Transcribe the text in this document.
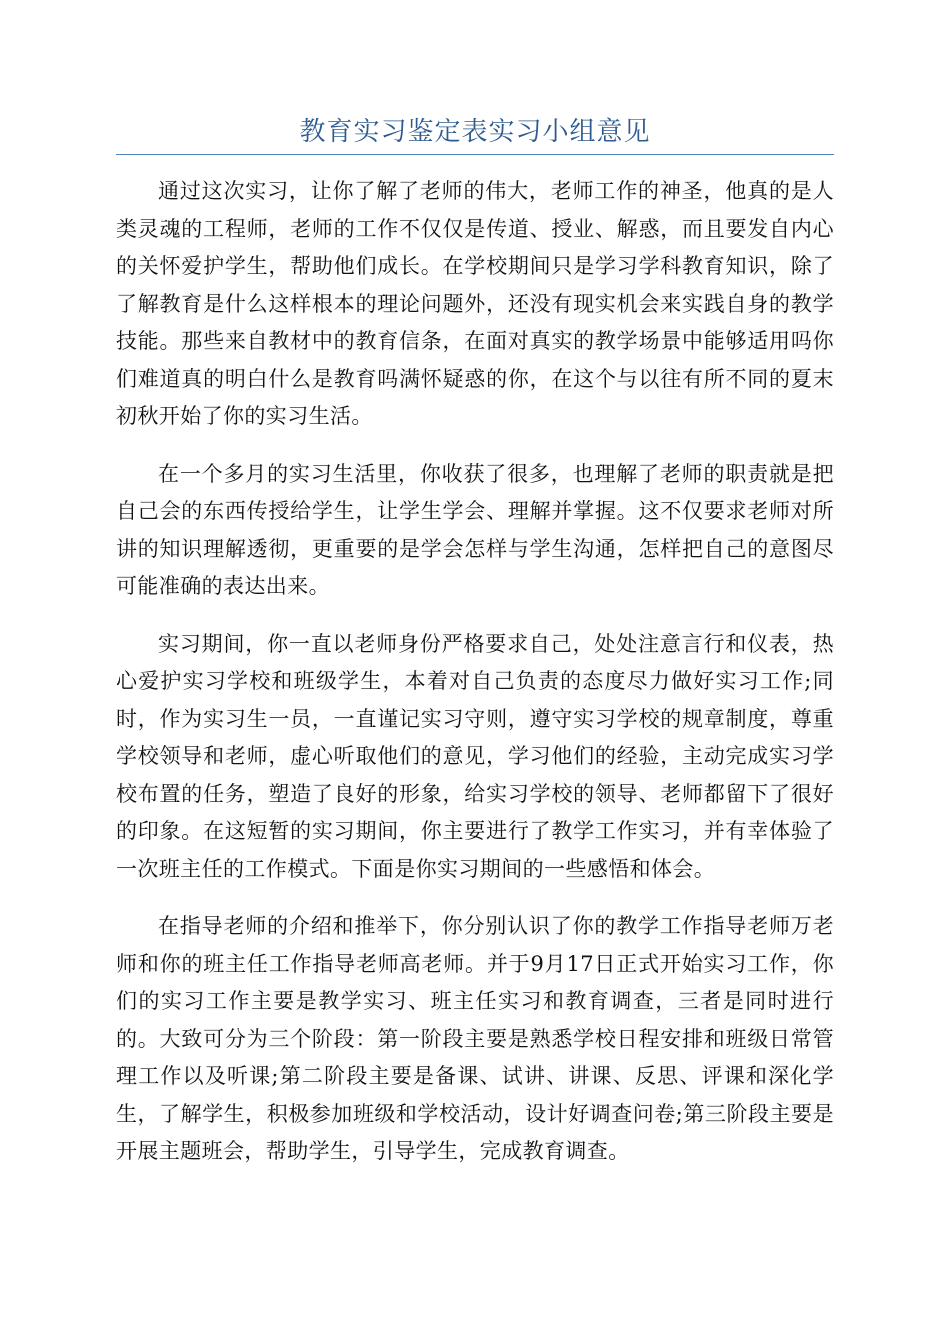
教育实习鉴定表实习小组意见

通过这次实习，让你了解了老师的伟大，老师工作的神圣，他真的是人类灵魂的工程师，老师的工作不仅仅是传道、授业、解惑，而且要发自内心的关怀爱护学生，帮助他们成长。在学校期间只是学习学科教育知识，除了了解教育是什么这样根本的理论问题外，还没有现实机会来实践自身的教学技能。那些来自教材中的教育信条，在面对真实的教学场景中能够适用吗你们难道真的明白什么是教育吗满怀疑惑的你，在这个与以往有所不同的夏末初秋开始了你的实习生活。

在一个多月的实习生活里，你收获了很多，也理解了老师的职责就是把自己会的东西传授给学生，让学生学会、理解并掌握。这不仅要求老师对所讲的知识理解透彻，更重要的是学会怎样与学生沟通，怎样把自己的意图尽可能准确的表达出来。

实习期间，你一直以老师身份严格要求自己，处处注意言行和仪表，热心爱护实习学校和班级学生，本着对自己负责的态度尽力做好实习工作;同时，作为实习生一员，一直谨记实习守则，遵守实习学校的规章制度，尊重学校领导和老师，虚心听取他们的意见，学习他们的经验，主动完成实习学校布置的任务，塑造了良好的形象，给实习学校的领导、老师都留下了很好的印象。在这短暂的实习期间，你主要进行了教学工作实习，并有幸体验了一次班主任的工作模式。下面是你实习期间的一些感悟和体会。

在指导老师的介绍和推举下，你分别认识了你的教学工作指导老师万老师和你的班主任工作指导老师高老师。并于9月17日正式开始实习工作，你们的实习工作主要是教学实习、班主任实习和教育调查，三者是同时进行的。大致可分为三个阶段：第一阶段主要是熟悉学校日程安排和班级日常管理工作以及听课;第二阶段主要是备课、试讲、讲课、反思、评课和深化学生，了解学生，积极参加班级和学校活动，设计好调查问卷;第三阶段主要是开展主题班会，帮助学生，引导学生，完成教育调查。
